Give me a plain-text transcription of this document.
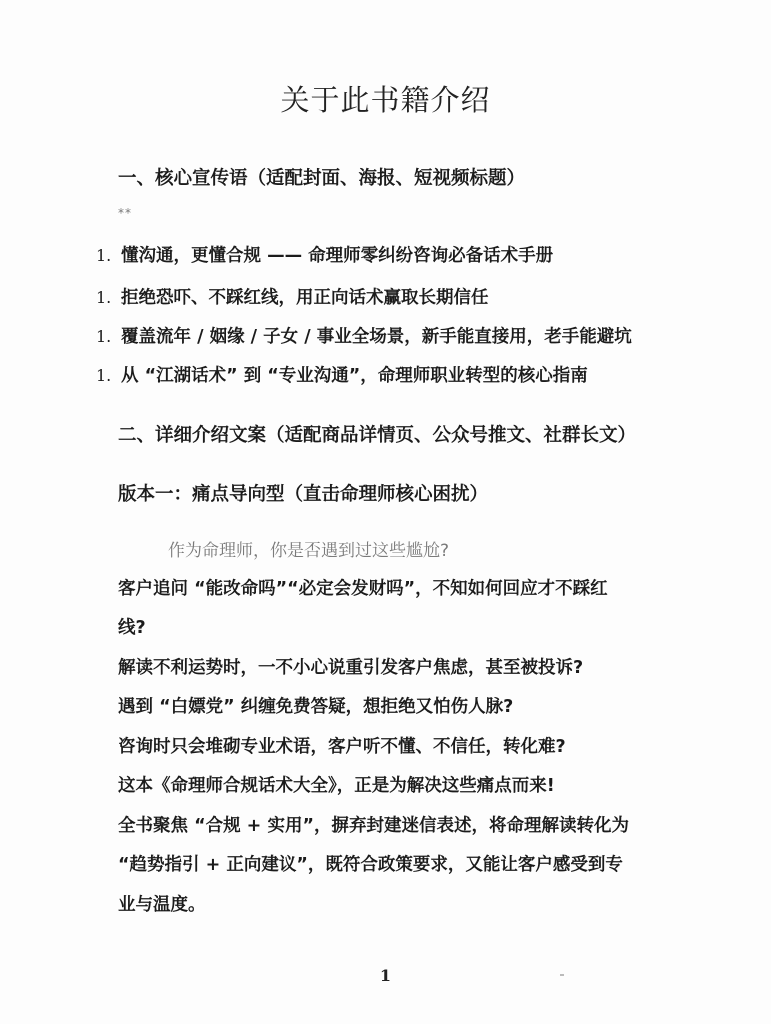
关于此书籍介绍
一、核心宣传语（适配封面、海报、短视频标题）
**
1. 懂沟通，更懂合规 —— 命理师零纠纷咨询必备话术手册
1. 拒绝恐吓、不踩红线，用正向话术赢取长期信任
1. 覆盖流年 / 姻缘 / 子女 / 事业全场景，新手能直接用，老手能避坑
1. 从 “江湖话术” 到 “专业沟通”，命理师职业转型的核心指南
二、详细介绍文案（适配商品详情页、公众号推文、社群长文）
版本一：痛点导向型（直击命理师核心困扰）
作为命理师，你是否遇到过这些尴尬?
客户追问 “能改命吗”“必定会发财吗”，不知如何回应才不踩红
线?
解读不利运势时，一不小心说重引发客户焦虑，甚至被投诉?
遇到 “白嫖党” 纠缠免费答疑，想拒绝又怕伤人脉?
咨询时只会堆砌专业术语，客户听不懂、不信任，转化难?
这本《命理师合规话术大全》，正是为解决这些痛点而来!
全书聚焦 “合规 + 实用”，摒弃封建迷信表述，将命理解读转化为
“趋势指引 + 正向建议”，既符合政策要求，又能让客户感受到专
业与温度。
1
